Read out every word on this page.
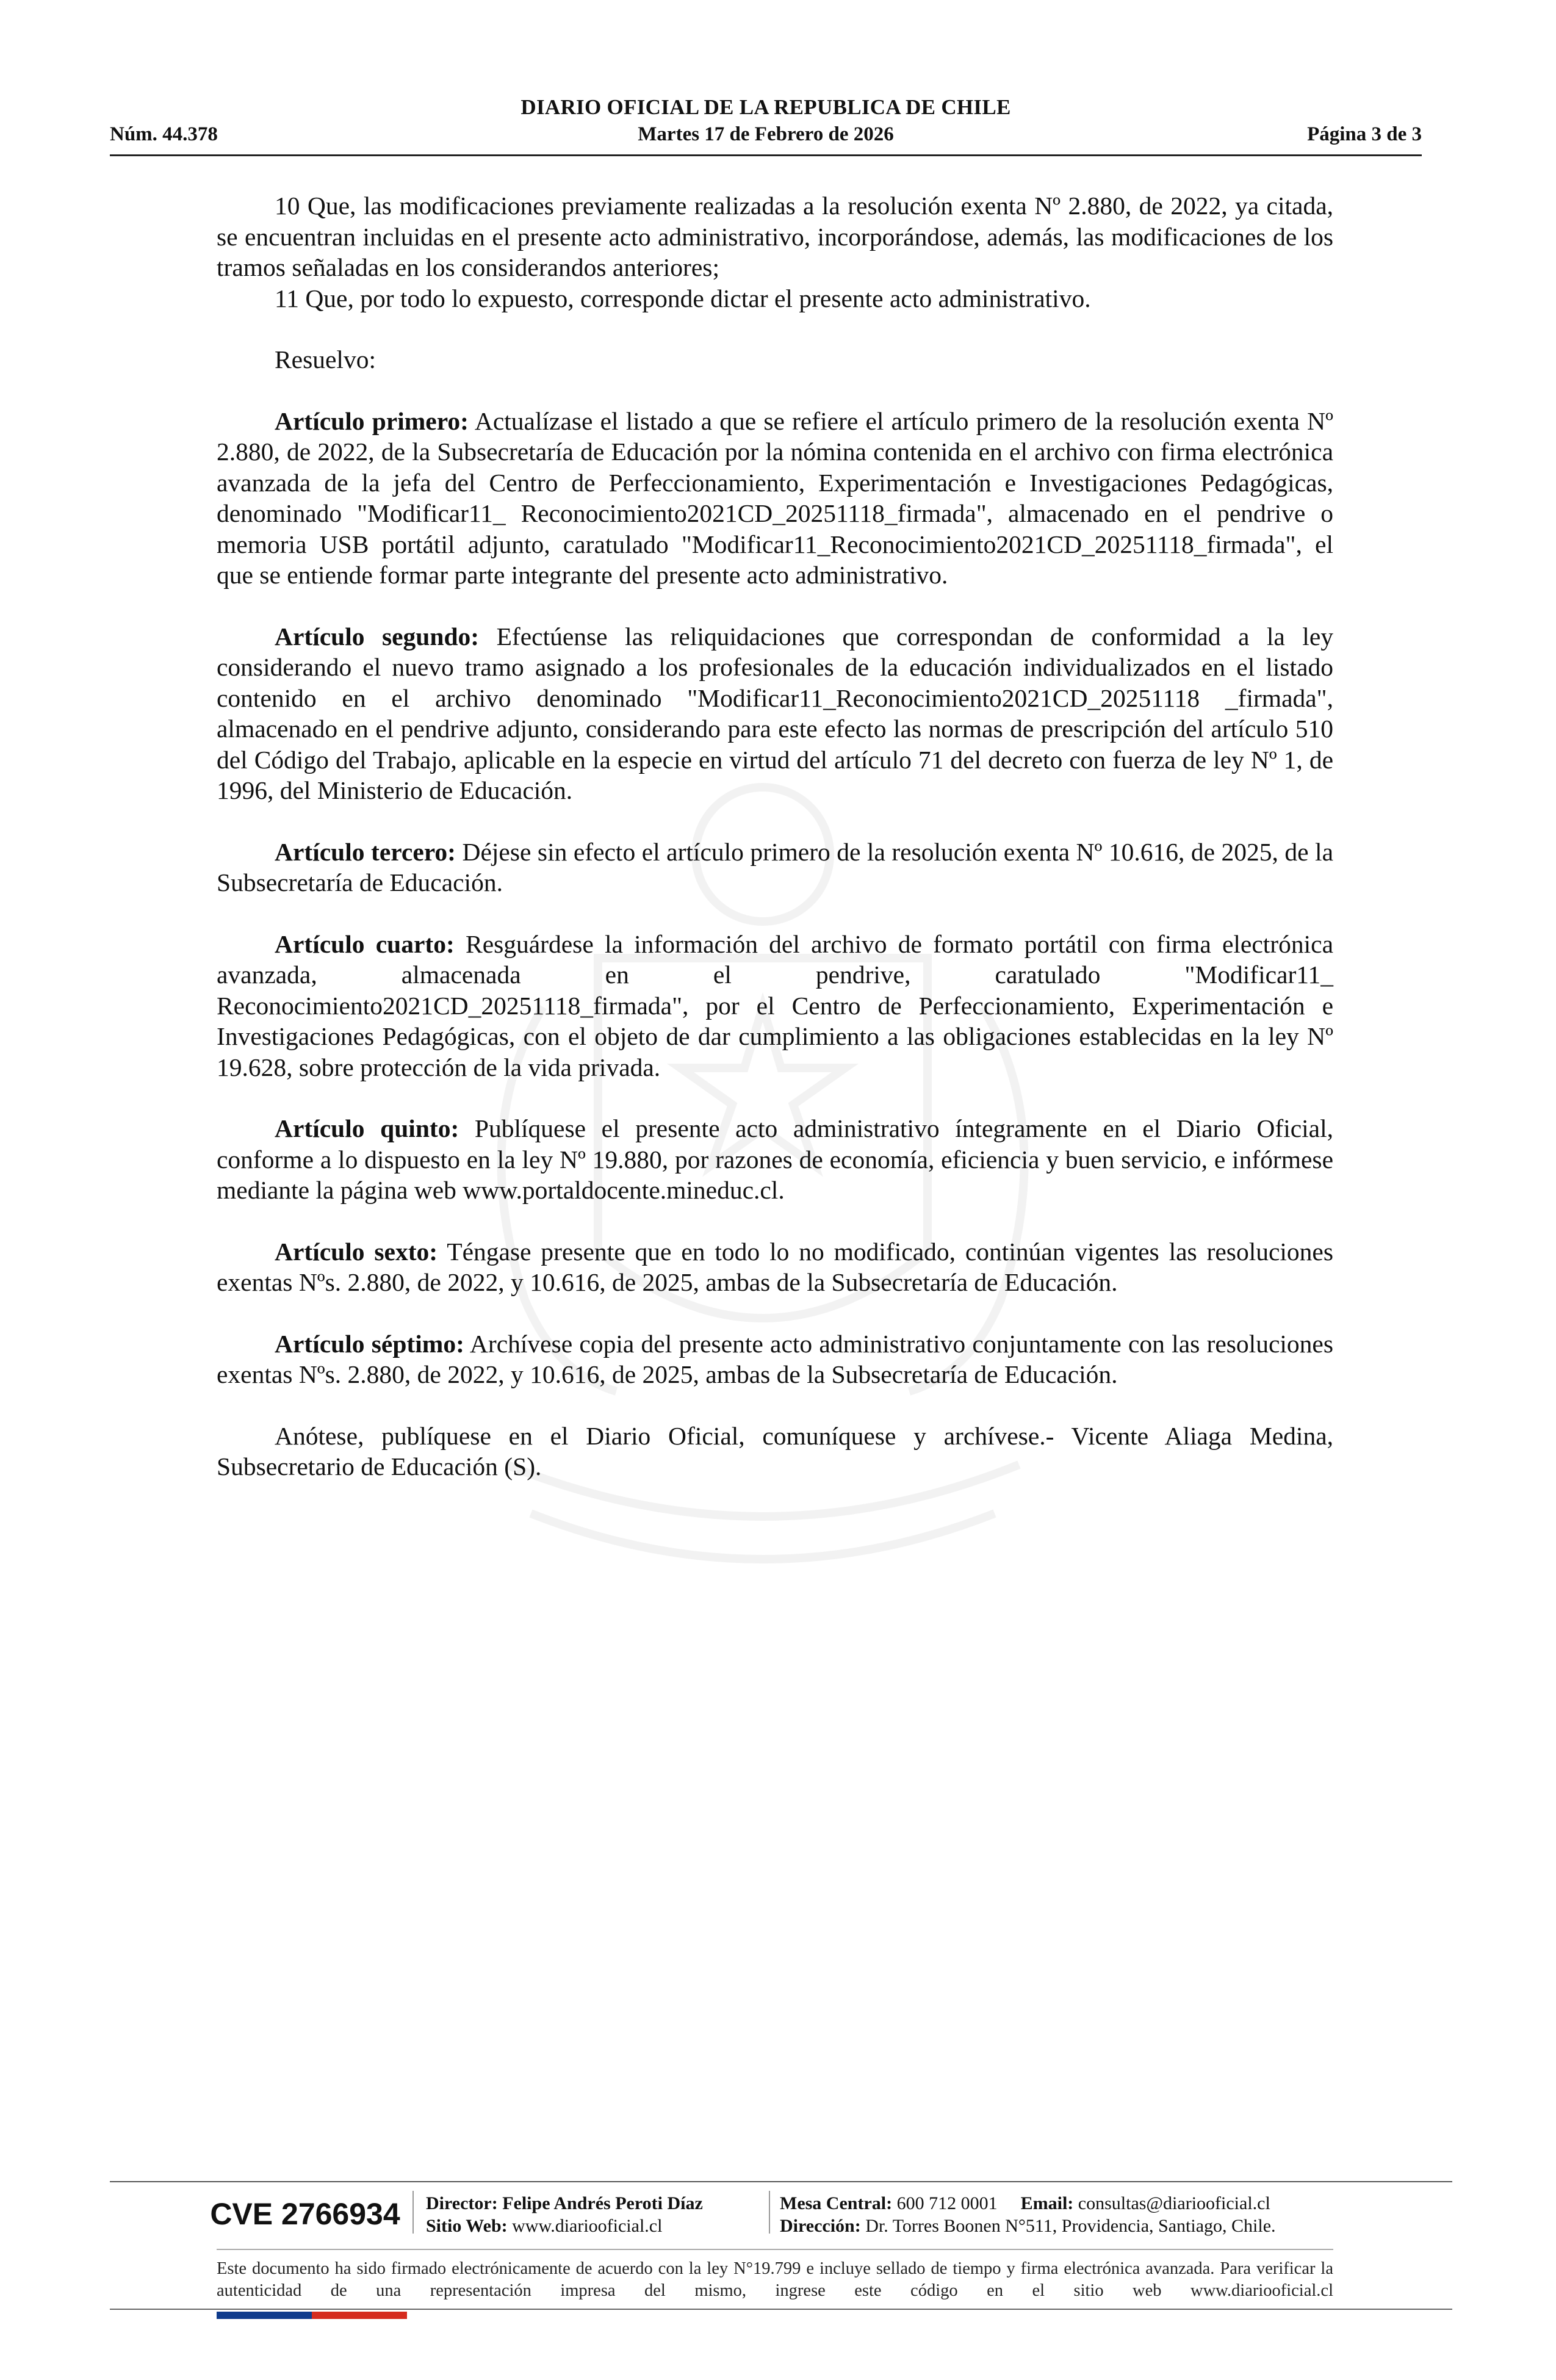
DIARIO OFICIAL DE LA REPUBLICA DE CHILE
Núm. 44.378	Martes 17 de Febrero de 2026	Página 3 de 3

10 Que, las modificaciones previamente realizadas a la resolución exenta Nº 2.880, de 2022, ya citada, se encuentran incluidas en el presente acto administrativo, incorporándose, además, las modificaciones de los tramos señaladas en los considerandos anteriores;

11 Que, por todo lo expuesto, corresponde dictar el presente acto administrativo.

Resuelvo:

Artículo primero: Actualízase el listado a que se refiere el artículo primero de la resolución exenta Nº 2.880, de 2022, de la Subsecretaría de Educación por la nómina contenida en el archivo con firma electrónica avanzada de la jefa del Centro de Perfeccionamiento, Experimentación e Investigaciones Pedagógicas, denominado "Modificar11_ Reconocimiento2021CD_20251118_firmada", almacenado en el pendrive o memoria USB portátil adjunto, caratulado "Modificar11_Reconocimiento2021CD_20251118_firmada", el que se entiende formar parte integrante del presente acto administrativo.

Artículo segundo: Efectúense las reliquidaciones que correspondan de conformidad a la ley considerando el nuevo tramo asignado a los profesionales de la educación individualizados en el listado contenido en el archivo denominado "Modificar11_Reconocimiento2021CD_20251118 _firmada", almacenado en el pendrive adjunto, considerando para este efecto las normas de prescripción del artículo 510 del Código del Trabajo, aplicable en la especie en virtud del artículo 71 del decreto con fuerza de ley Nº 1, de 1996, del Ministerio de Educación.

Artículo tercero: Déjese sin efecto el artículo primero de la resolución exenta Nº 10.616, de 2025, de la Subsecretaría de Educación.

Artículo cuarto: Resguárdese la información del archivo de formato portátil con firma electrónica avanzada, almacenada en el pendrive, caratulado "Modificar11_ Reconocimiento2021CD_20251118_firmada", por el Centro de Perfeccionamiento, Experimentación e Investigaciones Pedagógicas, con el objeto de dar cumplimiento a las obligaciones establecidas en la ley Nº 19.628, sobre protección de la vida privada.

Artículo quinto: Publíquese el presente acto administrativo íntegramente en el Diario Oficial, conforme a lo dispuesto en la ley Nº 19.880, por razones de economía, eficiencia y buen servicio, e infórmese mediante la página web www.portaldocente.mineduc.cl.

Artículo sexto: Téngase presente que en todo lo no modificado, continúan vigentes las resoluciones exentas Nºs. 2.880, de 2022, y 10.616, de 2025, ambas de la Subsecretaría de Educación.

Artículo séptimo: Archívese copia del presente acto administrativo conjuntamente con las resoluciones exentas Nºs. 2.880, de 2022, y 10.616, de 2025, ambas de la Subsecretaría de Educación.

Anótese, publíquese en el Diario Oficial, comuníquese y archívese.- Vicente Aliaga Medina, Subsecretario de Educación (S).

CVE 2766934 Director: Felipe Andrés Peroti Díaz
Sitio Web: www.diariooficial.cl
Mesa Central: 600 712 0001 Email: consultas@diariooficial.cl
Dirección: Dr. Torres Boonen N°511, Providencia, Santiago, Chile.
Este documento ha sido firmado electrónicamente de acuerdo con la ley N°19.799 e incluye sellado de tiempo y firma electrónica avanzada. Para verificar la autenticidad de una representación impresa del mismo, ingrese este código en el sitio web www.diariooficial.cl
